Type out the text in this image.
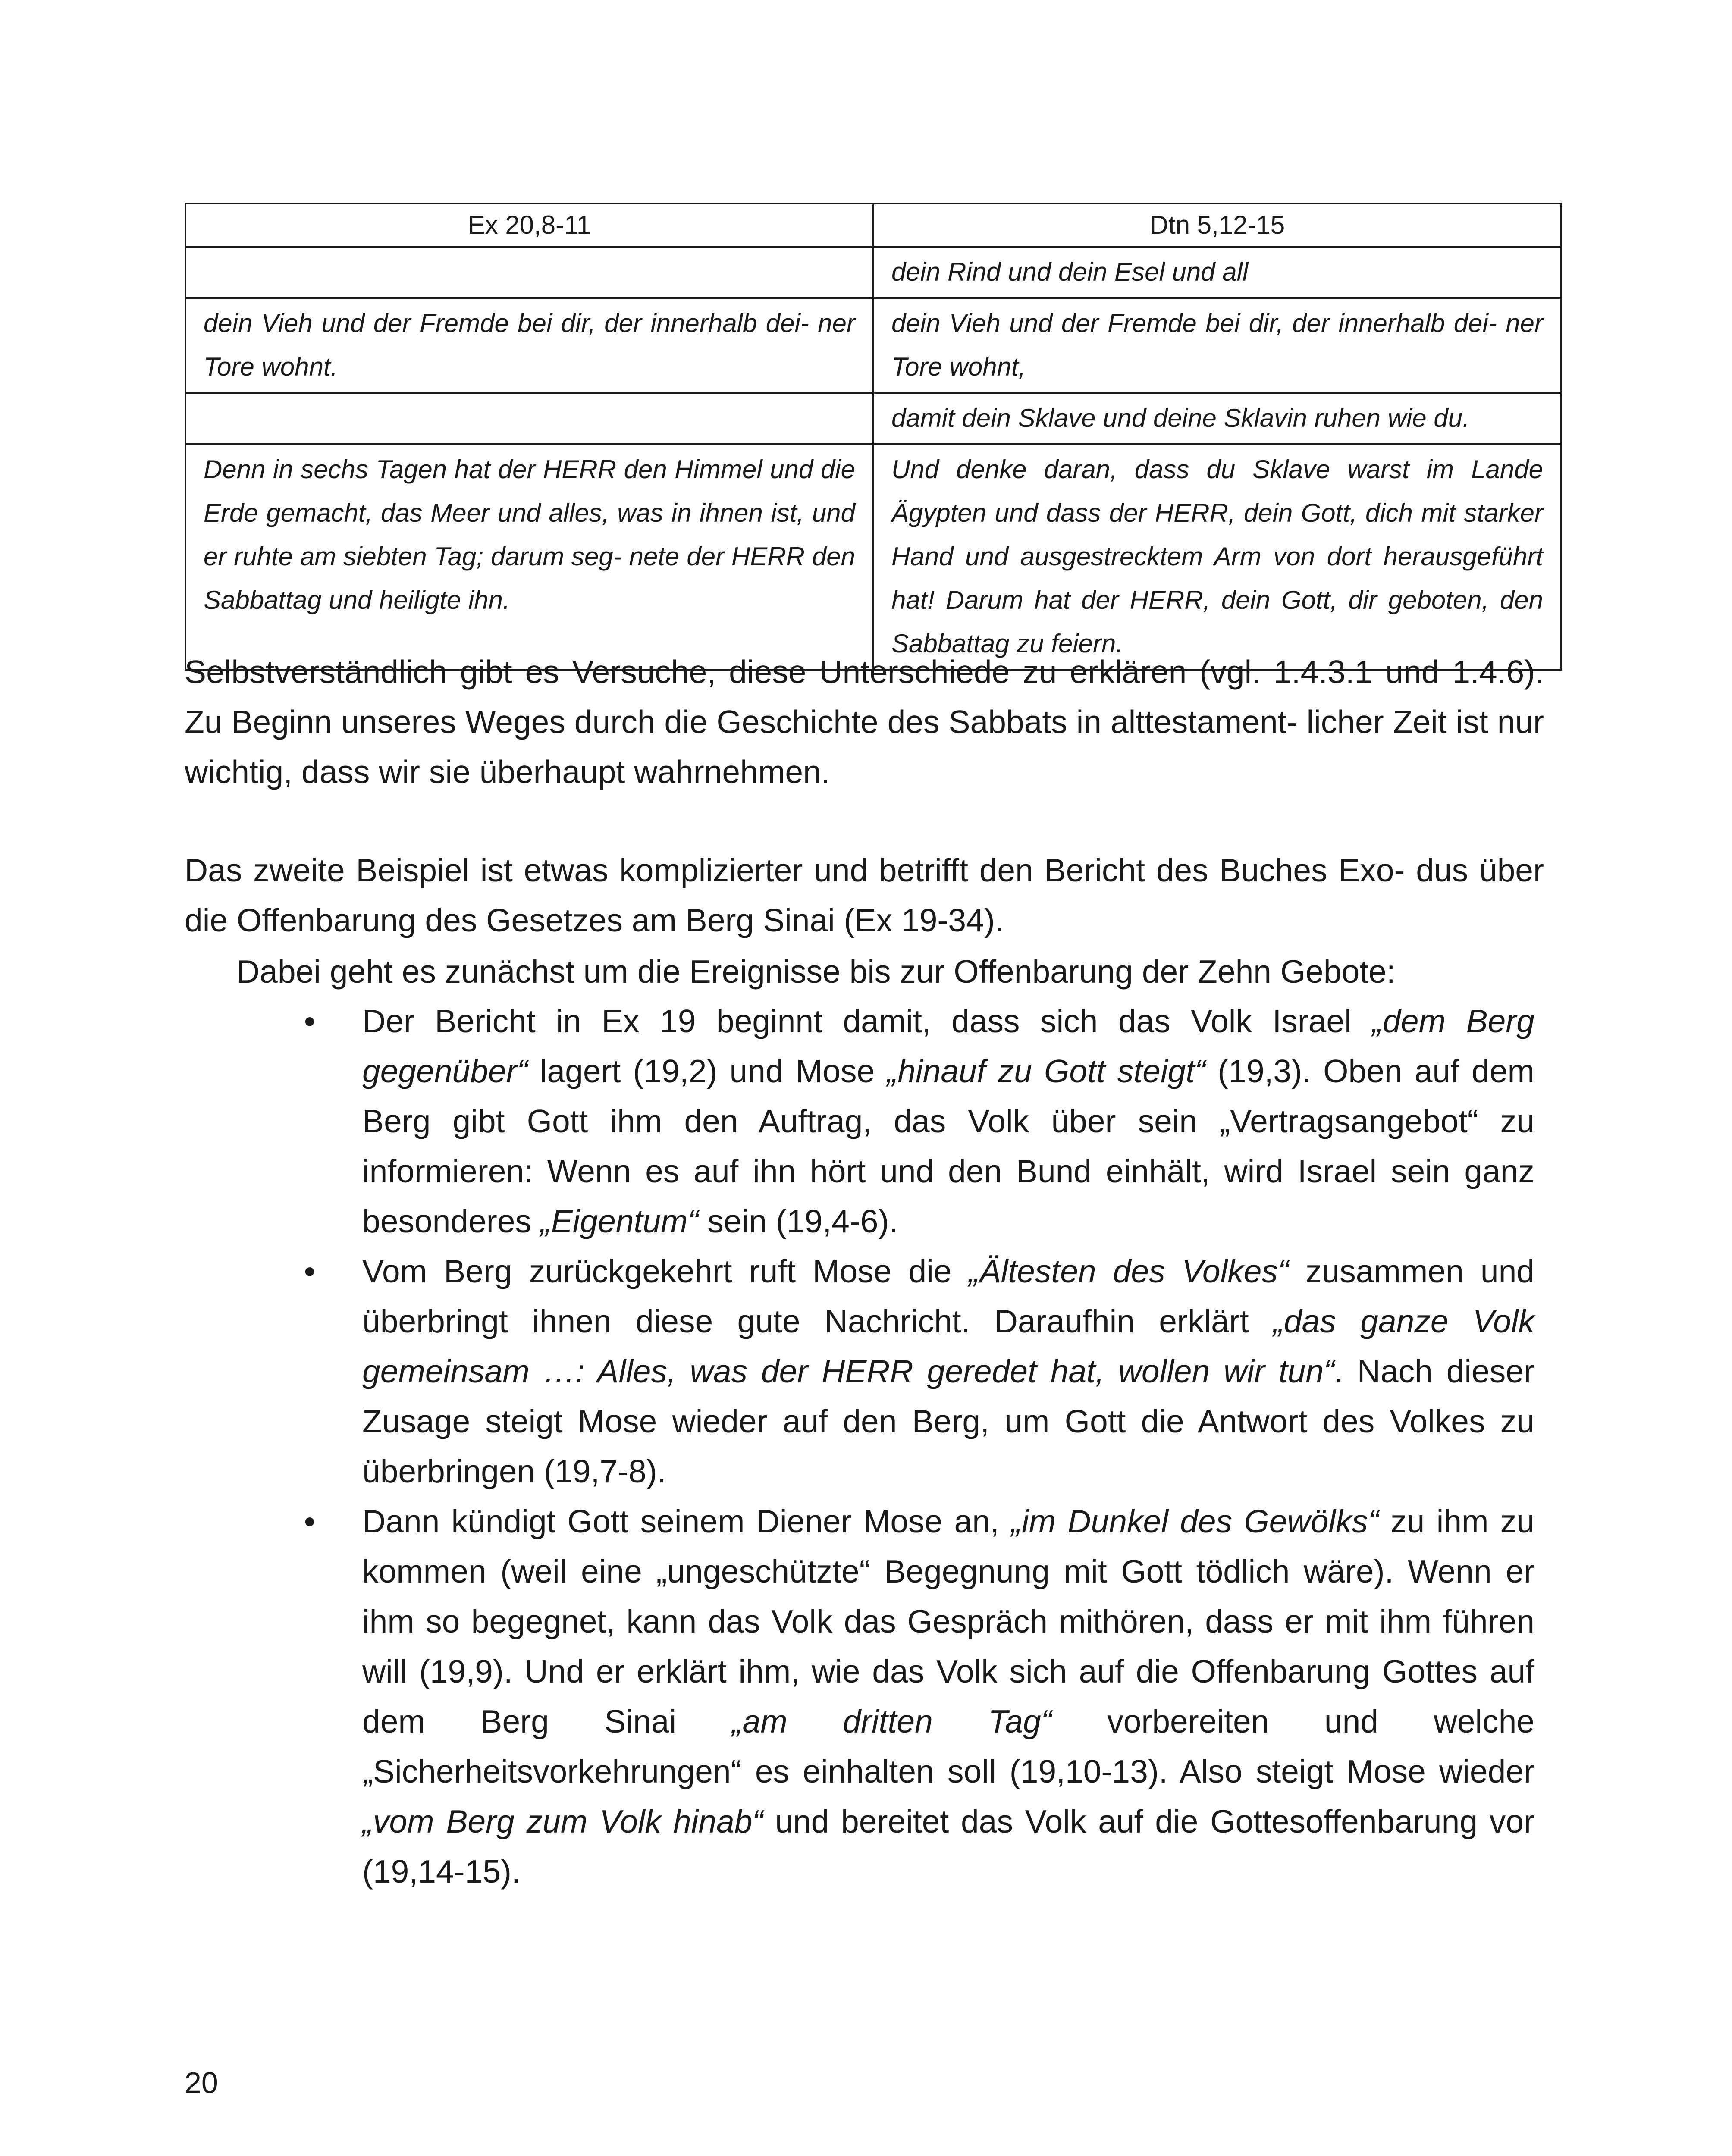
Ex 20,8-11	Dtn 5,12-15
	dein Rind und dein Esel und all
dein Vieh und der Fremde bei dir, der innerhalb dei- ner Tore wohnt.	dein Vieh und der Fremde bei dir, der innerhalb dei- ner Tore wohnt,
	damit dein Sklave und deine Sklavin ruhen wie du.
Denn in sechs Tagen hat der HERR den Himmel und die Erde gemacht, das Meer und alles, was in ihnen ist, und er ruhte am siebten Tag; darum seg- nete der HERR den Sabbattag und heiligte ihn.	Und denke daran, dass du Sklave warst im Lande Ägypten und dass der HERR, dein Gott, dich mit starker Hand und ausgestrecktem Arm von dort herausgeführt hat! Darum hat der HERR, dein Gott, dir geboten, den Sabbattag zu feiern.
Selbstverständlich gibt es Versuche, diese Unterschiede zu erklären (vgl. 1.4.3.1 und 1.4.6). Zu Beginn unseres Weges durch die Geschichte des Sabbats in alttestament- licher Zeit ist nur wichtig, dass wir sie überhaupt wahrnehmen.
Das zweite Beispiel ist etwas komplizierter und betrifft den Bericht des Buches Exo- dus über die Offenbarung des Gesetzes am Berg Sinai (Ex 19-34).
Dabei geht es zunächst um die Ereignisse bis zur Offenbarung der Zehn Gebote:
• Der Bericht in Ex 19 beginnt damit, dass sich das Volk Israel „dem Berg gegenüber“ lagert (19,2) und Mose „hinauf zu Gott steigt“ (19,3). Oben auf dem Berg gibt Gott ihm den Auftrag, das Volk über sein „Vertragsangebot“ zu informieren: Wenn es auf ihn hört und den Bund einhält, wird Israel sein ganz besonderes „Eigentum“ sein (19,4-6).
• Vom Berg zurückgekehrt ruft Mose die „Ältesten des Volkes“ zusammen und überbringt ihnen diese gute Nachricht. Daraufhin erklärt „das ganze Volk gemeinsam …: Alles, was der HERR geredet hat, wollen wir tun“. Nach dieser Zusage steigt Mose wieder auf den Berg, um Gott die Antwort des Volkes zu überbringen (19,7-8).
• Dann kündigt Gott seinem Diener Mose an, „im Dunkel des Gewölks“ zu ihm zu kommen (weil eine „ungeschützte“ Begegnung mit Gott tödlich wäre). Wenn er ihm so begegnet, kann das Volk das Gespräch mithören, dass er mit ihm führen will (19,9). Und er erklärt ihm, wie das Volk sich auf die Offenbarung Gottes auf dem Berg Sinai „am dritten Tag“ vorbereiten und welche „Sicherheitsvorkehrungen“ es einhalten soll (19,10-13). Also steigt Mose wieder „vom Berg zum Volk hinab“ und bereitet das Volk auf die Gottesoffenbarung vor (19,14-15).
20
